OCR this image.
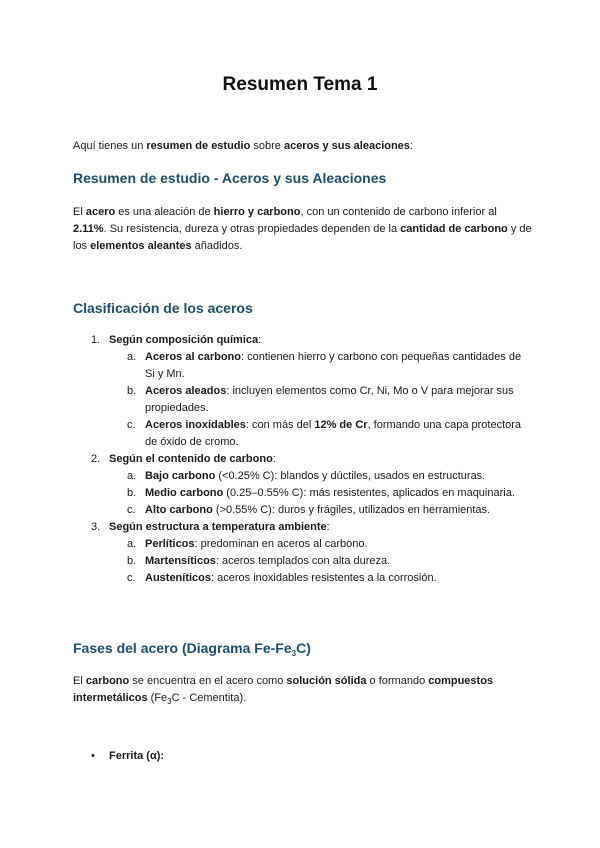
Resumen Tema 1
Aquí tienes un resumen de estudio sobre aceros y sus aleaciones:
Resumen de estudio - Aceros y sus Aleaciones
El acero es una aleación de hierro y carbono, con un contenido de carbono inferior al 2.11%. Su resistencia, dureza y otras propiedades dependen de la cantidad de carbono y de los elementos aleantes añadidos.
Clasificación de los aceros
1. Según composición química:
a. Aceros al carbono: contienen hierro y carbono con pequeñas cantidades de Si y Mn.
b. Aceros aleados: incluyen elementos como Cr, Ni, Mo o V para mejorar sus propiedades.
c. Aceros inoxidables: con más del 12% de Cr, formando una capa protectora de óxido de cromo.
2. Según el contenido de carbono:
a. Bajo carbono (<0.25% C): blandos y dúctiles, usados en estructuras.
b. Medio carbono (0.25–0.55% C): más resistentes, aplicados en maquinaria.
c. Alto carbono (>0.55% C): duros y frágiles, utilizados en herramientas.
3. Según estructura a temperatura ambiente:
a. Perlíticos: predominan en aceros al carbono.
b. Martensíticos: aceros templados con alta dureza.
c. Austeníticos: aceros inoxidables resistentes a la corrosión.
Fases del acero (Diagrama $Fe-Fe_3C$)
El carbono se encuentra en el acero como solución sólida o formando compuestos intermetálicos ($Fe_3C$ - Cementita).
• Ferrita (α):
